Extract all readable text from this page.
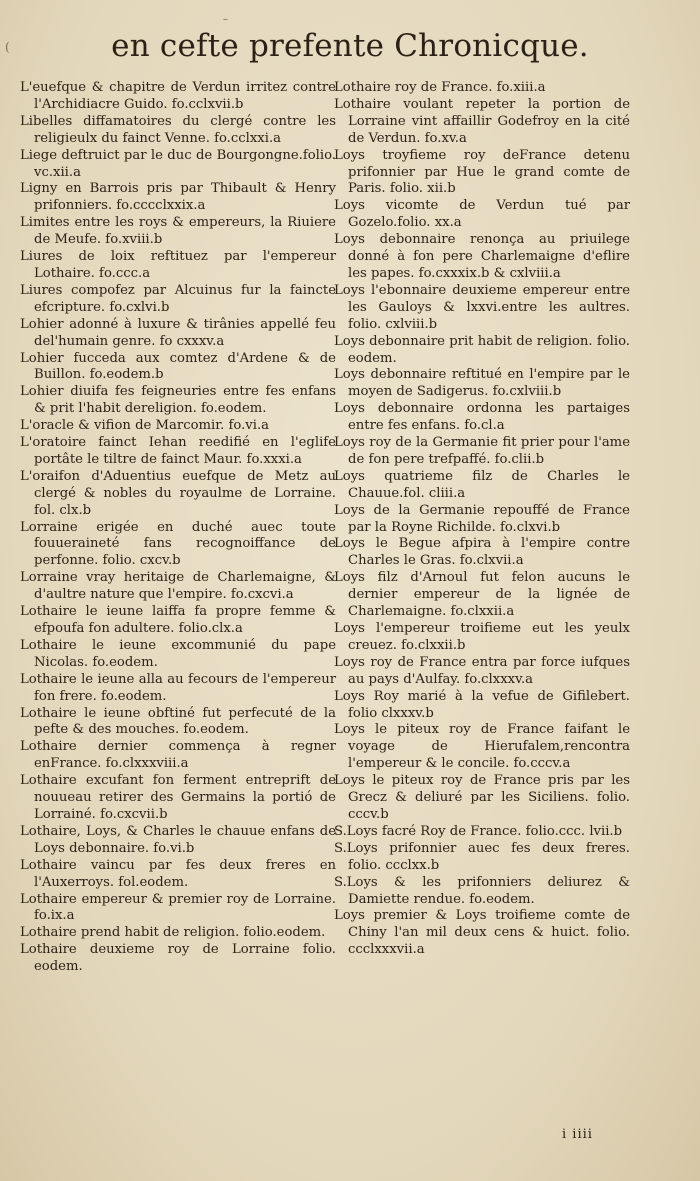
–
(	en cefte prefente Chronicque.

L'euefque & chapitre de Verdun irritez contre l'Archidiacre Guido. fo.cclxvii.b

Libelles diffamatoires du clergé contre les religieulx du fainct Venne. fo.cclxxi.a

Liege deftruict par le duc de Bourgongne.folio. vc.xii.a

Ligny en Barrois pris par Thibault & Henry prifonniers. fo.cccclxxix.a

Limites entre les roys & empereurs, la Riuiere de Meufe. fo.xviii.b

Liures de loix reftituez par l'empereur Lothaire. fo.ccc.a

Liures compofez par Alcuinus fur la faincte efcripture. fo.cxlvi.b

Lohier adonné à luxure & tirânies appellé feu del'humain genre. fo cxxxv.a

Lohier fucceda aux comtez d'Ardene & de Buillon. fo.eodem.b

Lohier diuifa fes feigneuries entre fes enfans & prit l'habit dereligion. fo.eodem.

L'oracle & vifion de Marcomir. fo.vi.a

L'oratoire fainct Iehan reedifié en l'eglife portâte le tiltre de fainct Maur. fo.xxxi.a

L'oraifon d'Aduentius euefque de Metz au clergé & nobles du royaulme de Lorraine. fol. clx.b

Lorraine erigée en duché auec toute fouueraineté fans recognoiffance de perfonne. folio. cxcv.b

Lorraine vray heritaige de Charlemaigne, & d'aultre nature que l'empire. fo.cxcvi.a

Lothaire le ieune laiffa fa propre femme & efpoufa fon adultere. folio.clx.a

Lothaire le ieune excommunié du pape Nicolas. fo.eodem.

Lothaire le ieune alla au fecours de l'empereur fon frere. fo.eodem.

Lothaire le ieune obftiné fut perfecuté de la pefte & des mouches. fo.eodem.

Lothaire dernier commença à regner enFrance. fo.clxxxviii.a

Lothaire excufant fon ferment entreprift de nouueau retirer des Germains la portió de Lorrainé. fo.cxcvii.b

Lothaire, Loys, & Charles le chauue enfans de Loys debonnaire. fo.vi.b

Lothaire vaincu par fes deux freres en l'Auxerroys. fol.eodem.

Lothaire empereur & premier roy de Lorraine. fo.ix.a

Lothaire prend habit de religion. folio.eodem.

Lothaire deuxieme roy de Lorraine folio. eodem.

Lothaire roy de France. fo.xiii.a

Lothaire voulant repeter la portion de Lorraine vint affaillir Godefroy en la cité de Verdun. fo.xv.a

Loys troyfieme roy deFrance detenu prifonnier par Hue le grand comte de Paris. folio. xii.b

Loys vicomte de Verdun tué par Gozelo.folio. xx.a

Loys debonnaire renonça au priuilege donné à fon pere Charlemaigne d'eflire les papes. fo.cxxxix.b & cxlviii.a

Loys l'ebonnaire deuxieme empereur entre les Gauloys & lxxvi.entre les aultres. folio. cxlviii.b

Loys debonnaire prit habit de religion. folio. eodem.

Loys debonnaire reftitué en l'empire par le moyen de Sadigerus. fo.cxlviii.b

Loys debonnaire ordonna les partaiges entre fes enfans. fo.cl.a

Loys roy de la Germanie fit prier pour l'ame de fon pere trefpaffé. fo.clii.b

Loys quatrieme filz de Charles le Chauue.fol. cliii.a

Loys de la Germanie repouffé de France par la Royne Richilde. fo.clxvi.b

Loys le Begue afpira à l'empire contre Charles le Gras. fo.clxvii.a

Loys filz d'Arnoul fut felon aucuns le dernier empereur de la lignée de Charlemaigne. fo.clxxii.a

Loys l'empereur troifieme eut les yeulx creuez. fo.clxxii.b

Loys roy de France entra par force iufques au pays d'Aulfay. fo.clxxxv.a

Loys Roy marié à la vefue de Gifilebert. folio clxxxv.b

Loys le piteux roy de France faifant le voyage de Hierufalem,rencontra l'empereur & le concile. fo.cccv.a

Loys le piteux roy de France pris par les Grecz & deliuré par les Siciliens. folio. cccv.b

S.Loys facré Roy de France. folio.ccc. lvii.b

S.Loys prifonnier auec fes deux freres. folio. ccclxx.b

S.Loys & les prifonniers deliurez & Damiette rendue. fo.eodem.

Loys premier & Loys troifieme comte de Chiny l'an mil deux cens & huict. folio. ccclxxxvii.a

i iiii
